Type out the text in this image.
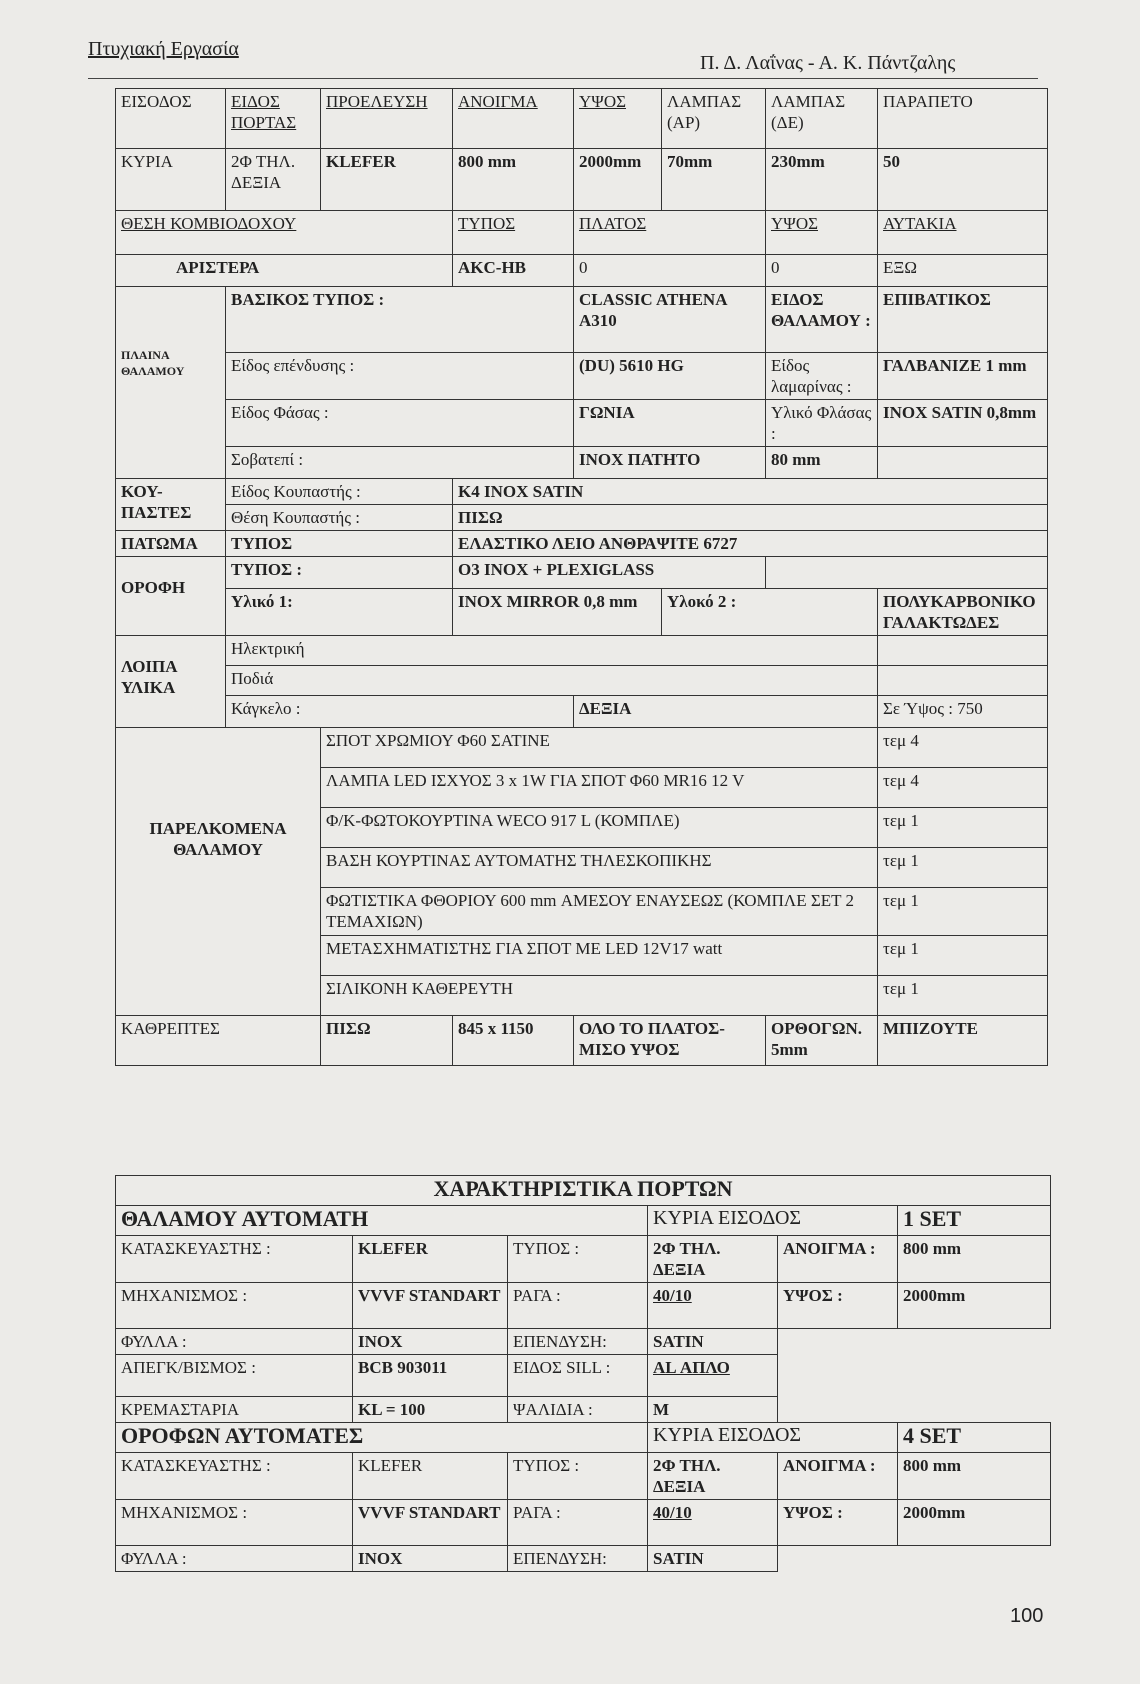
Πτυχιακή Εργασία
Π. Δ. Λαΐνας - Α. Κ. Πάντζαλης
ΕΙΣΟΔΟΣ	ΕΙΔΟΣ ΠΟΡΤΑΣ	ΠΡΟΕΛΕΥΣΗ	ΑΝΟΙΓΜΑ	ΥΨΟΣ	ΛΑΜΠΑΣ (ΑΡ)	ΛΑΜΠΑΣ (ΔΕ)	ΠΑΡΑΠΕΤΟ
ΚΥΡΙΑ	2Φ ΤΗΛ. ΔΕΞΙΑ	KLEFER	800 mm	2000mm	70mm	230mm	50
ΘΕΣΗ ΚΟΜΒΙΟΔΟΧΟΥ			ΤΥΠΟΣ	ΠΛΑΤΟΣ		ΥΨΟΣ	ΑΥΤΑΚΙΑ
ΑΡΙΣΤΕΡΑ			AKC-HB	0		0	ΕΞΩ
ΠΛΑΙΝΑ ΘΑΛΑΜΟΥ	ΒΑΣΙΚΟΣ ΤΥΠΟΣ :			CLASSIC ATHENA A310		ΕΙΔΟΣ ΘΑΛΑΜΟΥ :	ΕΠΙΒΑΤΙΚΟΣ
	Είδος επένδυσης :			(DU) 5610 HG		Είδος λαμαρίνας :	ΓΑΛΒΑΝΙΖΕ 1 mm
	Είδος Φάσας :			ΓΩΝΙΑ		Υλικό Φλάσας :	INOX SATIN 0,8mm
	Σοβατεπί :			INOX ΠΑΤΗΤΟ		80 mm	
ΚΟΥ-ΠΑΣΤΕΣ	Είδος Κουπαστής :		K4 INOX SATIN				
	Θέση Κουπαστής :		ΠΙΣΩ				
ΠΑΤΩΜΑ	ΤΥΠΟΣ		ΕΛΑΣΤΙΚΟ ΛΕΙΟ ΑΝΘΡΑΨΙΤΕ 6727				
ΟΡΟΦΗ	ΤΥΠΟΣ :		O3 INOX + PLEXIGLASS				
	Υλικό 1:		INOX MIRROR 0,8 mm		Υλοκό 2 :		ΠΟΛΥΚΑΡΒΟΝΙΚΟ ΓΑΛΑΚΤΩΔΕΣ
ΛΟΙΠΑ ΥΛΙΚΑ	Ηλεκτρική						
	Ποδιά						
	Κάγκελο :			ΔΕΞΙΑ			Σε Ύψος : 750
ΠΑΡΕΛΚΟΜΕΝΑ ΘΑΛΑΜΟΥ		ΣΠΟΤ ΧΡΩΜΙΟΥ Φ60 ΣΑΤΙΝΕ					τεμ 4
		ΛΑΜΠΑ LED ΙΣΧΥΟΣ 3 x 1W ΓΙΑ ΣΠΟΤ Φ60 MR16 12 V					τεμ 4
		Φ/Κ-ΦΩΤΟΚΟΥΡΤΙΝΑ WECO 917 L (ΚΟΜΠΛΕ)					τεμ 1
		ΒΑΣΗ ΚΟΥΡΤΙΝΑΣ ΑΥΤΟΜΑΤΗΣ ΤΗΛΕΣΚΟΠΙΚΗΣ					τεμ 1
		ΦΩΤΙΣΤΙΚΑ ΦΘΟΡΙΟΥ 600 mm ΑΜΕΣΟΥ ΕΝΑΥΣΕΩΣ (ΚΟΜΠΛΕ ΣΕΤ 2 ΤΕΜΑΧΙΩΝ)					τεμ 1
		ΜΕΤΑΣΧΗΜΑΤΙΣΤΗΣ ΓΙΑ ΣΠΟΤ ΜΕ LED 12V17 watt					τεμ 1
		ΣΙΛΙΚΟΝΗ ΚΑΘΕΡΕΥΤΗ					τεμ 1
ΚΑΘΡΕΠΤΕΣ		ΠΙΣΩ	845 x 1150	ΟΛΟ ΤΟ ΠΛΑΤΟΣ- ΜΙΣΟ ΥΨΟΣ		ΟΡΘΟΓΩΝ. 5mm	ΜΠΙΖΟΥΤΕ
ΧΑΡΑΚΤΗΡΙΣΤΙΚΑ ΠΟΡΤΩΝ					
ΘΑΛΑΜΟΥ ΑΥΤΟΜΑΤΗ			ΚΥΡΙΑ ΕΙΣΟΔΟΣ		1 SET
ΚΑΤΑΣΚΕΥΑΣΤΗΣ :	KLEFER	ΤΥΠΟΣ :	2Φ ΤΗΛ. ΔΕΞΙΑ	ΑΝΟΙΓΜΑ :	800 mm
ΜΗΧΑΝΙΣΜΟΣ :	VVVF STANDART	ΡΑΓΑ :	40/10	ΥΨΟΣ :	2000mm
ΦΥΛΛΑ :	INOX	ΕΠΕΝΔΥΣΗ:	SATIN		
ΑΠΕΓΚ/ΒΙΣΜΟΣ :	BCB 903011	ΕΙΔΟΣ SILL :	AL ΑΠΛΟ		
ΚΡΕΜΑΣΤΑΡΙΑ	KL = 100	ΨΑΛΙΔΙΑ :	M		
ΟΡΟΦΩΝ ΑΥΤΟΜΑΤΕΣ			ΚΥΡΙΑ ΕΙΣΟΔΟΣ		4 SET
ΚΑΤΑΣΚΕΥΑΣΤΗΣ :	KLEFER	ΤΥΠΟΣ :	2Φ ΤΗΛ. ΔΕΞΙΑ	ΑΝΟΙΓΜΑ :	800 mm
ΜΗΧΑΝΙΣΜΟΣ :	VVVF STANDART	ΡΑΓΑ :	40/10	ΥΨΟΣ :	2000mm
ΦΥΛΛΑ :	INOX	ΕΠΕΝΔΥΣΗ:	SATIN		
100
